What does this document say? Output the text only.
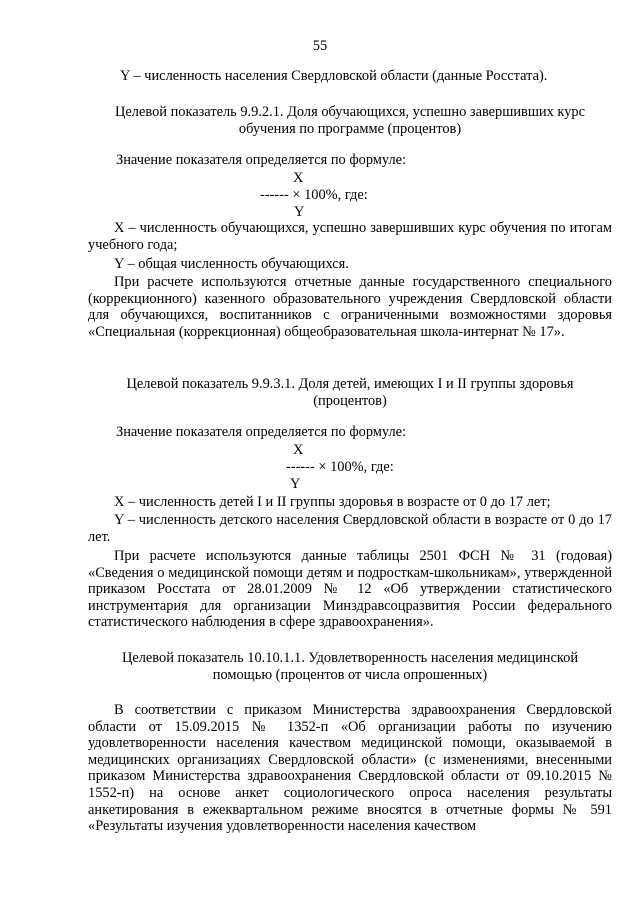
55
Y – численность населения Свердловской области (данные Росстата).
Целевой показатель 9.9.2.1. Доля обучающихся, успешно завершивших курс
обучения по программе (процентов)
Значение показателя определяется по формуле:
X
------ × 100%, где:
Y
X – численность обучающихся, успешно завершивших курс обучения по итогам учебного года;
Y – общая численность обучающихся.
При расчете используются отчетные данные государственного специального (коррекционного) казенного образовательного учреждения Свердловской области для обучающихся, воспитанников с ограниченными возможностями здоровья «Специальная (коррекционная) общеобразовательная школа-интернат № 17».
Целевой показатель 9.9.3.1. Доля детей, имеющих I и II группы здоровья
(процентов)
Значение показателя определяется по формуле:
X
------ × 100%, где:
Y
X – численность детей I и II группы здоровья в возрасте от 0 до 17 лет;
Y – численность детского населения Свердловской области в возрасте от 0 до 17 лет.
При расчете используются данные таблицы 2501 ФСН № 31 (годовая) «Сведения о медицинской помощи детям и подросткам-школьникам», утвержденной приказом Росстата от 28.01.2009 № 12 «Об утверждении статистического инструментария для организации Минздравсоцразвития России федерального статистического наблюдения в сфере здравоохранения».
Целевой показатель 10.10.1.1. Удовлетворенность населения медицинской
помощью (процентов от числа опрошенных)
В соответствии с приказом Министерства здравоохранения Свердловской области от 15.09.2015 № 1352-п «Об организации работы по изучению удовлетворенности населения качеством медицинской помощи, оказываемой в медицинских организациях Свердловской области» (с изменениями, внесенными приказом Министерства здравоохранения Свердловской области от 09.10.2015 № 1552-п) на основе анкет социологического опроса населения результаты анкетирования в ежеквартальном режиме вносятся в отчетные формы № 591 «Результаты изучения удовлетворенности населения качеством
